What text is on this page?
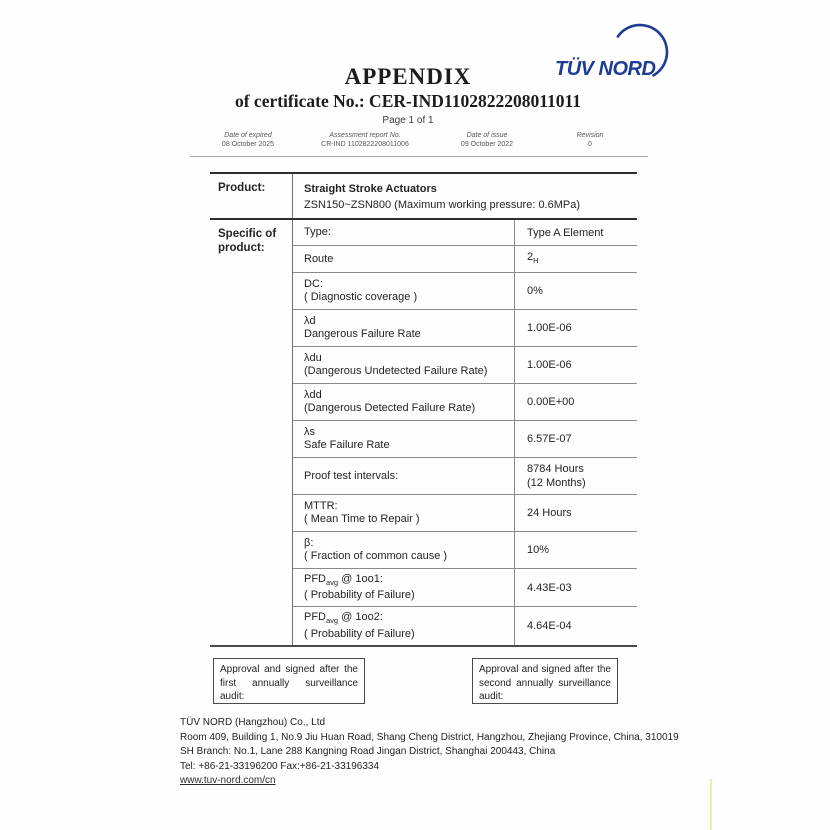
TÜV NORD
APPENDIX
of certificate No.: CER-IND1102822208011011
Page 1 of 1
Date of expired
08 October 2025
Assessment report No.
CR-IND 1102822208011006
Date of issue
09 October 2022
Revision
0
Product:	Straight Stroke Actuators
ZSN150~ZSN800 (Maximum working pressure: 0.6MPa)
Specific of product:
Type:	Type A Element
Route	$2_H$
DC:
( Diagnostic coverage )	0%
λd
Dangerous Failure Rate	1.00E-06
λdu
(Dangerous Undetected Failure Rate)	1.00E-06
λdd
(Dangerous Detected Failure Rate)	0.00E+00
λs
Safe Failure Rate	6.57E-07
Proof test intervals:
8784 Hours
(12 Months)
MTTR:
( Mean Time to Repair )	24 Hours
β:
( Fraction of common cause )	10%
$PFD_{avg}$ @ 1oo1:
( Probability of Failure)
4.43E-03
$PFD_{avg}$ @ 1oo2:
( Probability of Failure)
4.64E-04
Approval and signed after the first annually surveillance audit:
Approval and signed after the second annually surveillance audit:
TÜV NORD (Hangzhou) Co., Ltd
Room 409, Building 1, No.9 Jiu Huan Road, Shang Cheng District, Hangzhou, Zhejiang Province, China, 310019
SH Branch: No.1, Lane 288 Kangning Road Jingan District, Shanghai 200443, China
Tel: +86-21-33196200 Fax:+86-21-33196334
www.tuv-nord.com/cn
